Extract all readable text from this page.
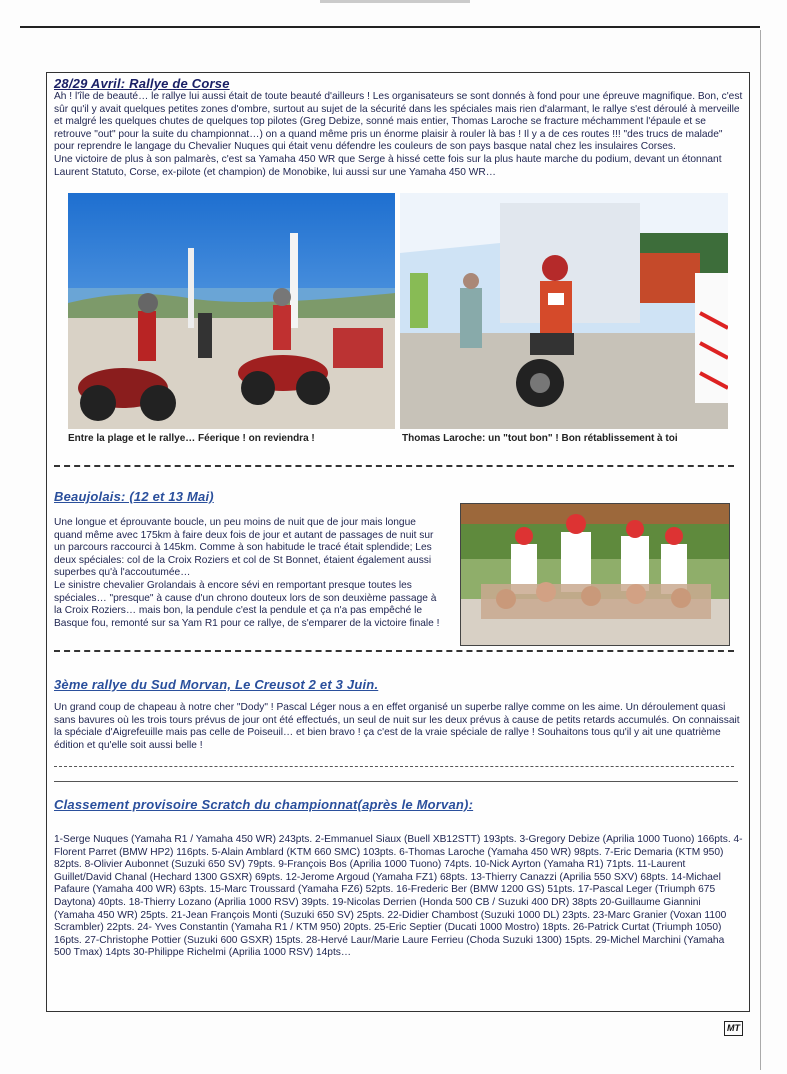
28/29 Avril: Rallye de Corse

Ah ! l'île de beauté… le rallye lui aussi était de toute beauté d'ailleurs ! Les organisateurs se sont donnés à fond pour une épreuve magnifique. Bon, c'est sûr qu'il y avait quelques petites zones d'ombre, surtout au sujet de la sécurité dans les spéciales mais rien d'alarmant, le rallye s'est déroulé à merveille et malgré les quelques chutes de quelques top pilotes (Greg Debize, sonné mais entier, Thomas Laroche se fracture méchamment l'épaule et se retrouve "out" pour la suite du championnat…) on a quand même pris un énorme plaisir à rouler là bas ! Il y a de ces routes !!! "des trucs de malade" pour reprendre le langage du Chevalier Nuques qui était venu défendre les couleurs de son pays basque natal chez les insulaires Corses.

Une victoire de plus à son palmarès, c'est sa Yamaha 450 WR que Serge à hissé cette fois sur la plus haute marche du podium, devant un étonnant Laurent Statuto, Corse, ex-pilote (et champion) de Monobike, lui aussi sur une Yamaha 450 WR…

Entre la plage et le rallye… Féerique ! on reviendra !	Thomas Laroche: un "tout bon" ! Bon rétablissement à toi
Beaujolais: (12 et 13 Mai)

Une longue et éprouvante boucle, un peu moins de nuit que de jour mais longue quand même avec 175km à faire deux fois de jour et autant de passages de nuit sur un parcours raccourci à 145km. Comme à son habitude le tracé était splendide; Les deux spéciales: col de la Croix Roziers et col de St Bonnet, étaient également aussi superbes qu'à l'accoutumée…

Le sinistre chevalier Grolandais à encore sévi en remportant presque toutes les spéciales… "presque" à cause d'un chrono douteux lors de son deuxième passage à la Croix Roziers… mais bon, la pendule c'est la pendule et ça n'a pas empêché le Basque fou, remonté sur sa Yam R1 pour ce rallye, de s'emparer de la victoire finale !

3ème rallye du Sud Morvan, Le Creusot 2 et 3 Juin.

Un grand coup de chapeau à notre cher "Dody" ! Pascal Léger nous a en effet organisé un superbe rallye comme on les aime. Un déroulement quasi sans bavures où les trois tours prévus de jour ont été effectués, un seul de nuit sur les deux prévus à cause de petits retards accumulés. On connaissait la spéciale d'Aigrefeuille mais pas celle de Poiseuil… et bien bravo ! ça c'est de la vraie spéciale de rallye ! Souhaitons tous qu'il y ait une quatrième édition et qu'elle soit aussi belle !

Classement provisoire Scratch du championnat(après le Morvan):

1-Serge Nuques (Yamaha R1 / Yamaha 450 WR) 243pts. 2-Emmanuel Siaux (Buell XB12STT) 193pts. 3-Gregory Debize (Aprilia 1000 Tuono) 166pts. 4-Florent Parret (BMW HP2) 116pts. 5-Alain Amblard (KTM 660 SMC) 103pts. 6-Thomas Laroche (Yamaha 450 WR) 98pts. 7-Eric Demaria (KTM 950) 82pts. 8-Olivier Aubonnet (Suzuki 650 SV) 79pts. 9-François Bos (Aprilia 1000 Tuono) 74pts. 10-Nick Ayrton (Yamaha R1) 71pts. 11-Laurent Guillet/David Chanal (Hechard 1300 GSXR) 69pts. 12-Jerome Argoud (Yamaha FZ1) 68pts. 13-Thierry Canazzi (Aprilia 550 SXV) 68pts. 14-Michael Pafaure (Yamaha 400 WR) 63pts. 15-Marc Troussard (Yamaha FZ6) 52pts. 16-Frederic Ber (BMW 1200 GS) 51pts. 17-Pascal Leger (Triumph 675 Daytona) 40pts. 18-Thierry Lozano (Aprilia 1000 RSV) 39pts. 19-Nicolas Derrien (Honda 500 CB / Suzuki 400 DR) 38pts 20-Guillaume Giannini (Yamaha 450 WR) 25pts. 21-Jean François Monti (Suzuki 650 SV) 25pts. 22-Didier Chambost (Suzuki 1000 DL) 23pts. 23-Marc Granier (Voxan 1100 Scrambler) 22pts. 24- Yves Constantin (Yamaha R1 / KTM 950) 20pts. 25-Eric Septier (Ducati 1000 Mostro) 18pts. 26-Patrick Curtat (Triumph 1050) 16pts. 27-Christophe Pottier (Suzuki 600 GSXR) 15pts. 28-Hervé Laur/Marie Laure Ferrieu (Choda Suzuki 1300) 15pts. 29-Michel Marchini (Yamaha 500 Tmax) 14pts 30-Philippe Richelmi (Aprilia 1000 RSV) 14pts…

MT
